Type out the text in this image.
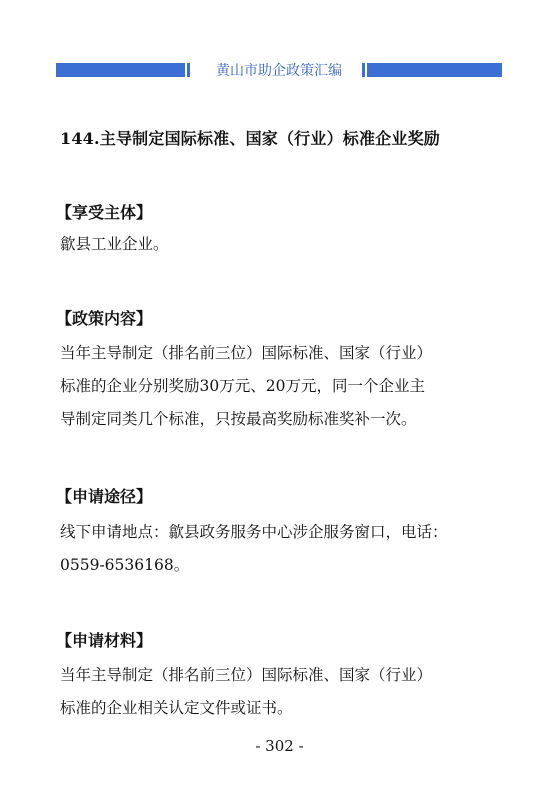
黄山市助企政策汇编
144.主导制定国际标准、国家（行业）标准企业奖励
【享受主体】
歙县工业企业。
【政策内容】
当年主导制定（排名前三位）国际标准、国家（行业）
标准的企业分别奖励30万元、20万元，同一个企业主
导制定同类几个标准，只按最高奖励标准奖补一次。
【申请途径】
线下申请地点：歙县政务服务中心涉企服务窗口，电话：
0559-6536168。
【申请材料】
当年主导制定（排名前三位）国际标准、国家（行业）
标准的企业相关认定文件或证书。
- 302 -
